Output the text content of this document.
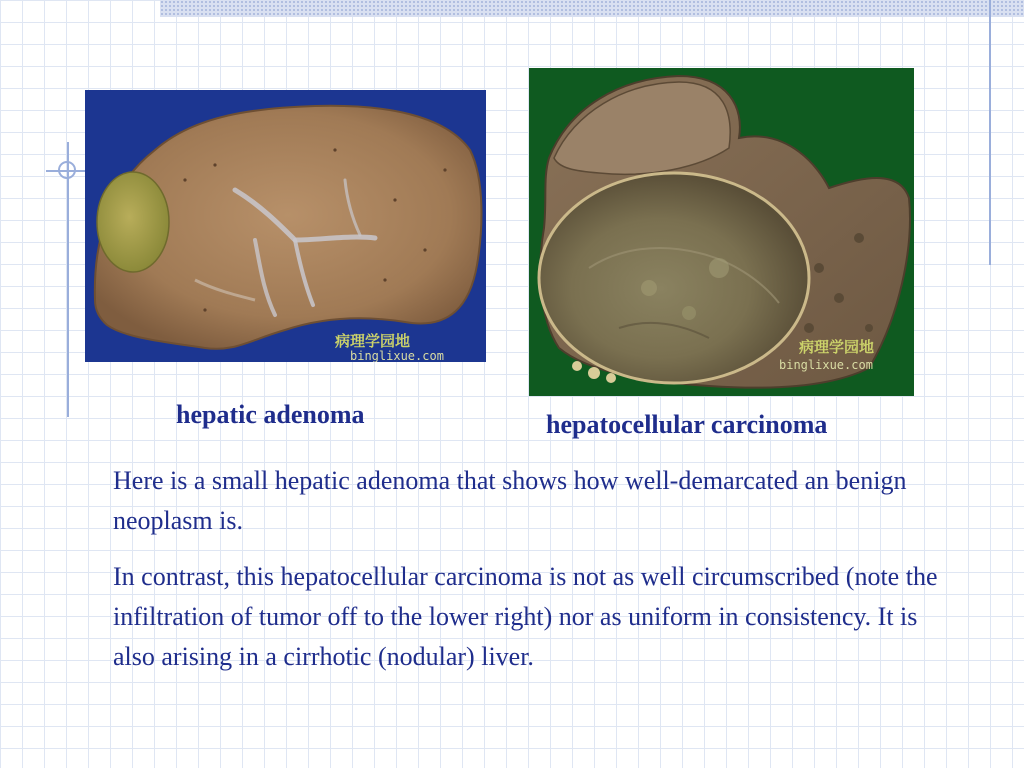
病理学园地
binglixue.com	病理学园地
binglixue.com

hepatic adenoma	hepatocellular carcinoma

Here is a small hepatic adenoma that shows how well-demarcated an benign neoplasm is.

In contrast, this hepatocellular carcinoma is not as well circumscribed (note the infiltration of tumor off to the lower right) nor as uniform in consistency. It is also arising in a cirrhotic (nodular) liver.
